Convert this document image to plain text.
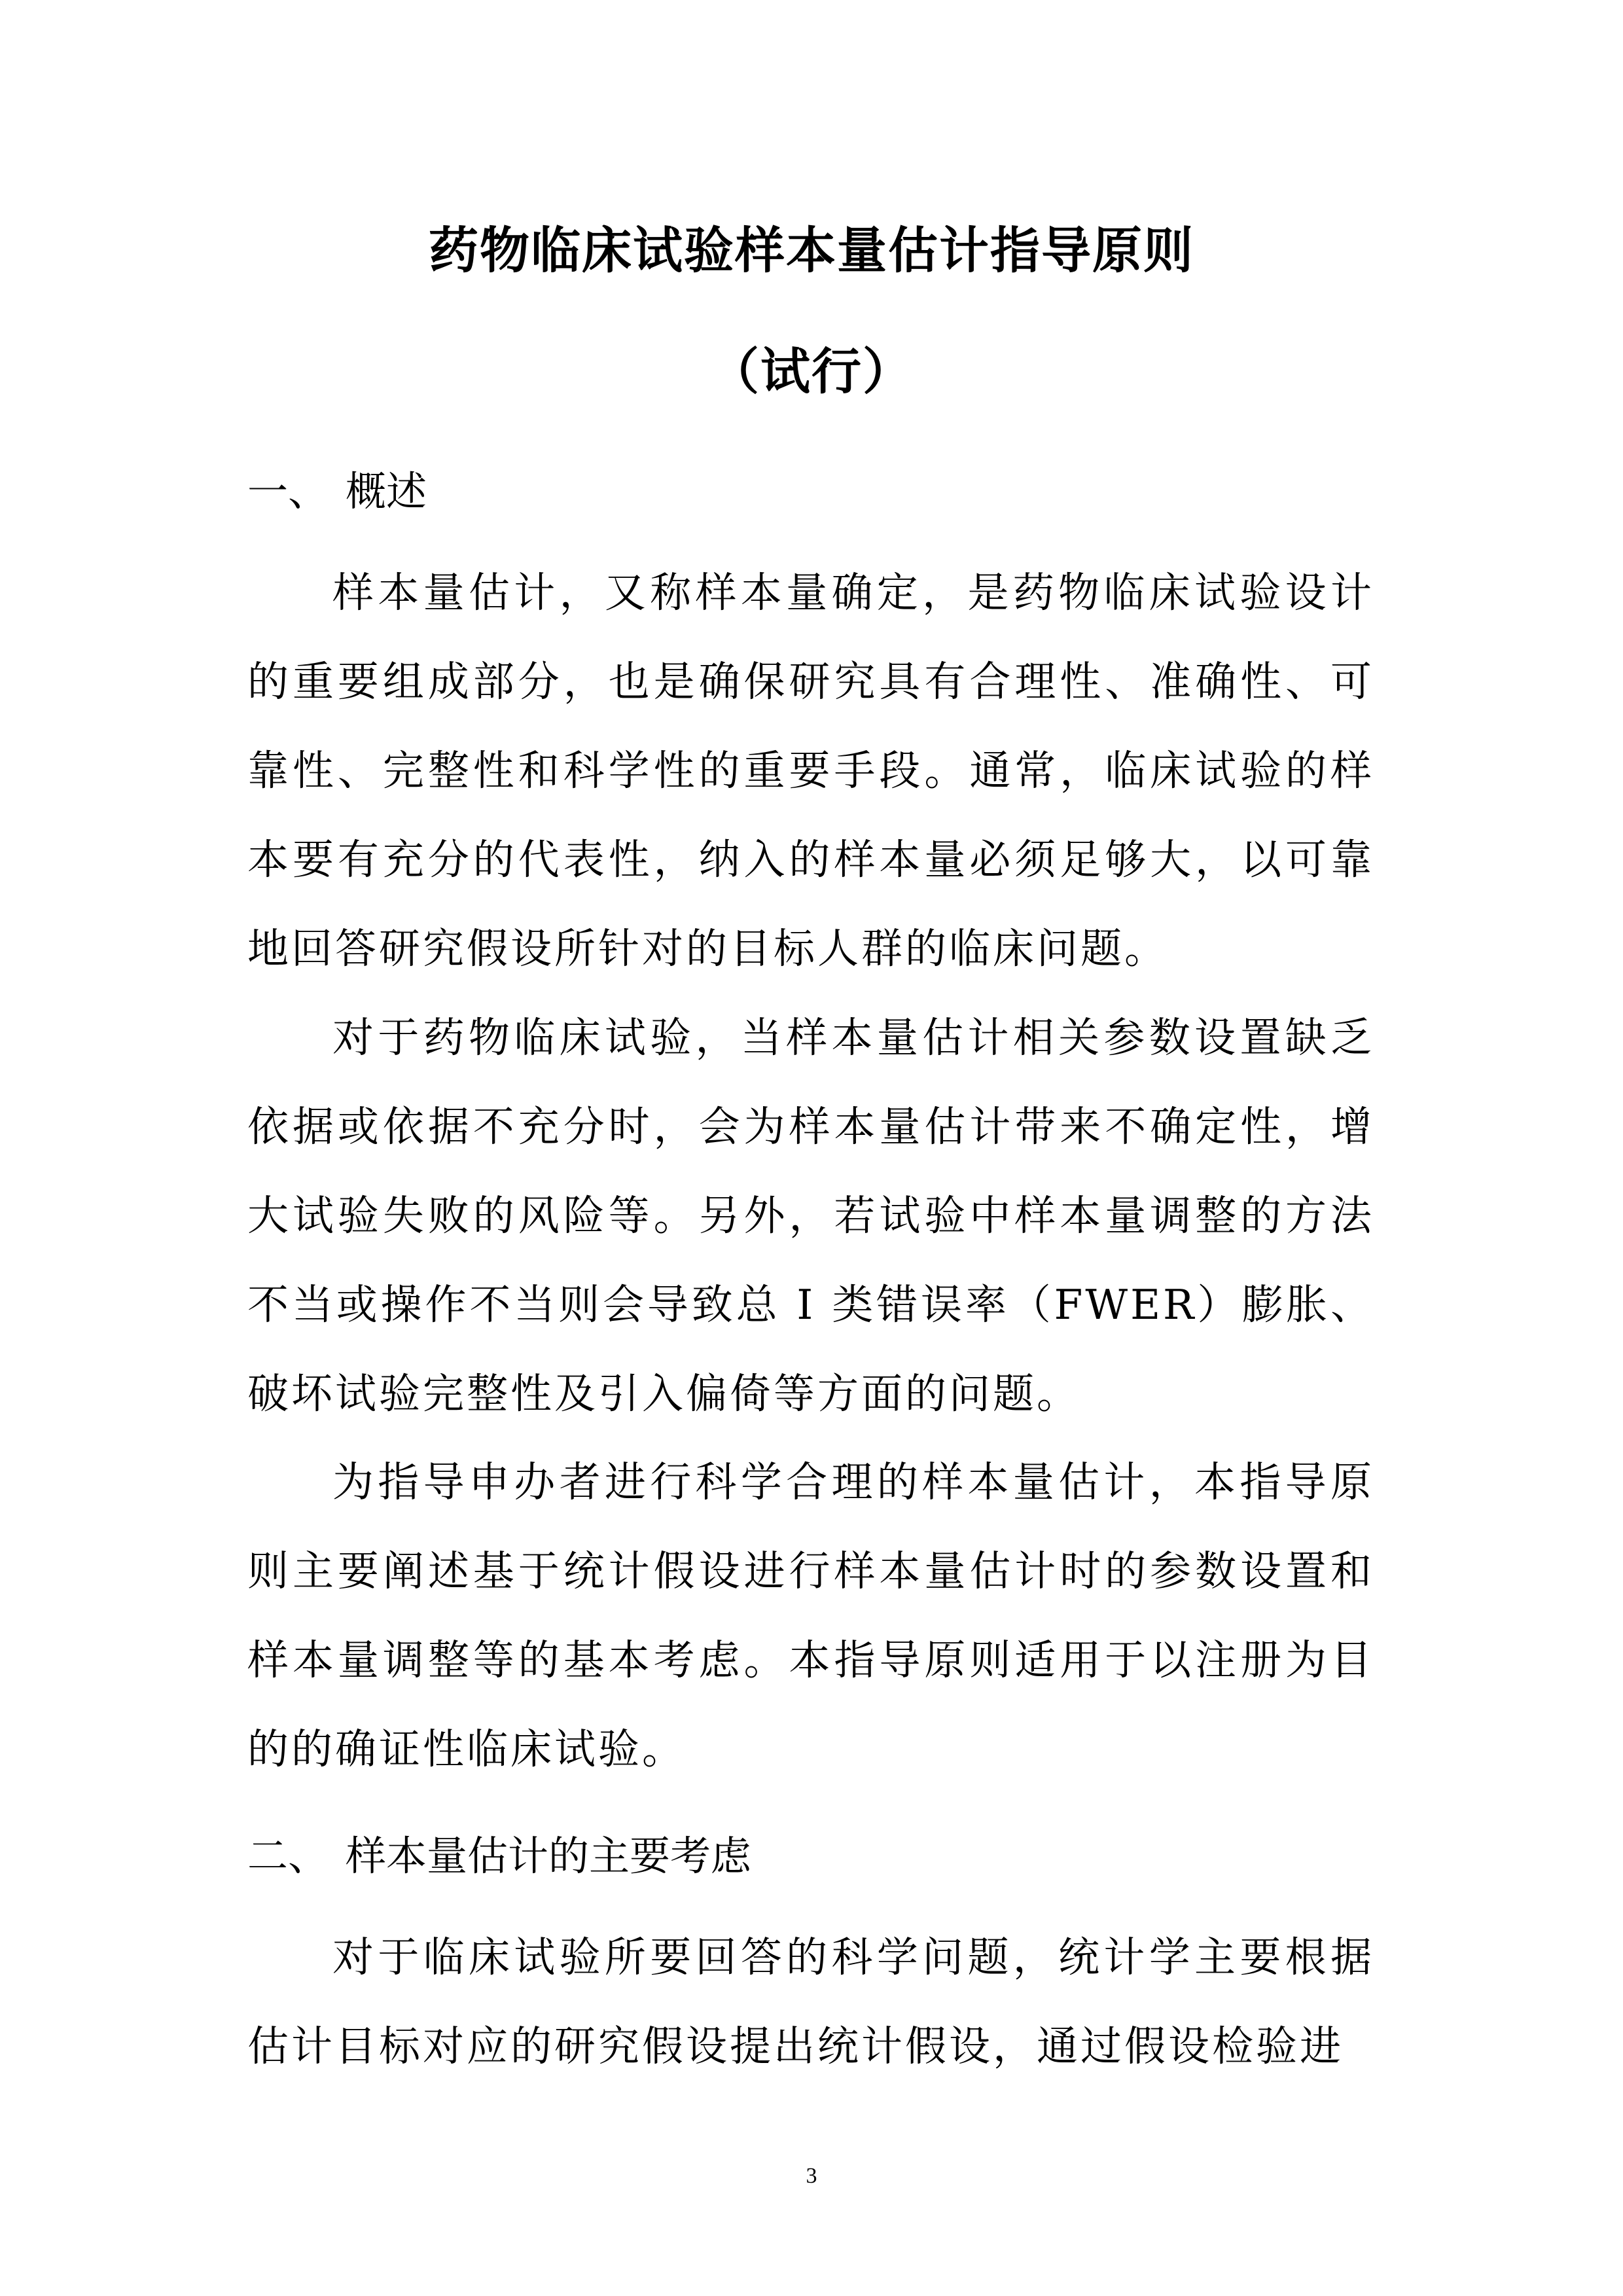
药物临床试验样本量估计指导原则
（试行）
一、 概述

样本量估计，又称样本量确定，是药物临床试验设计的重要组成部分，也是确保研究具有合理性、准确性、可靠性、完整性和科学性的重要手段。通常，临床试验的样本要有充分的代表性，纳入的样本量必须足够大，以可靠地回答研究假设所针对的目标人群的临床问题。

对于药物临床试验，当样本量估计相关参数设置缺乏依据或依据不充分时，会为样本量估计带来不确定性，增大试验失败的风险等。另外，若试验中样本量调整的方法不当或操作不当则会导致总 I 类错误率（FWER）膨胀、破坏试验完整性及引入偏倚等方面的问题。

为指导申办者进行科学合理的样本量估计，本指导原则主要阐述基于统计假设进行样本量估计时的参数设置和样本量调整等的基本考虑。本指导原则适用于以注册为目的的确证性临床试验。

二、 样本量估计的主要考虑

对于临床试验所要回答的科学问题，统计学主要根据估计目标对应的研究假设提出统计假设，通过假设检验进

3
